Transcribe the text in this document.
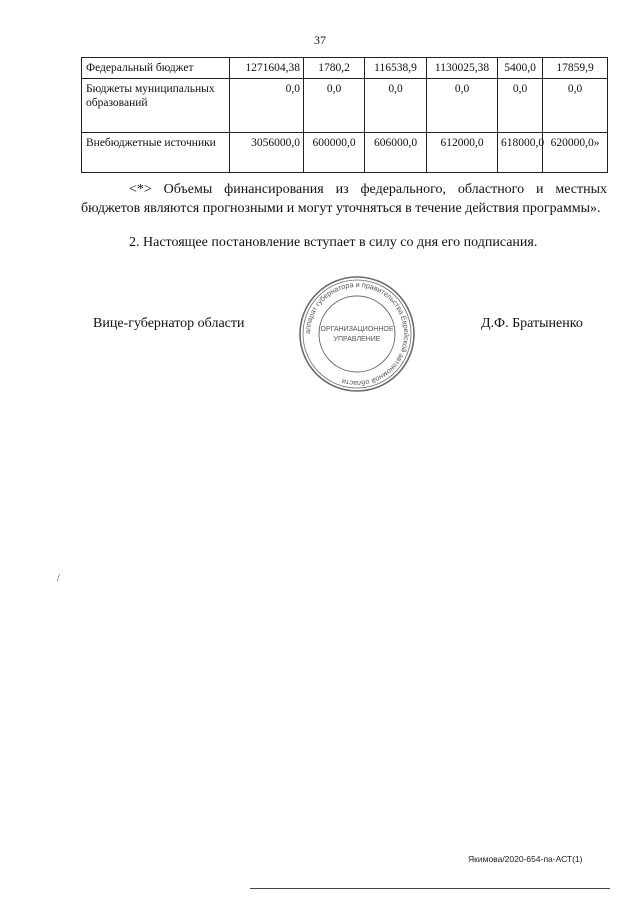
37
Федеральный бюджет	1271604,38	1780,2	116538,9	1130025,38	5400,0	17859,9
Бюджеты муниципальных образований	0,0	0,0	0,0	0,0	0,0	0,0
Внебюджетные источники	3056000,0	600000,0	606000,0	612000,0	618000,0	620000,0»

<*> Объемы финансирования из федерального, областного и местных бюджетов являются прогнозными и могут уточняться в течение действия программы».

2. Настоящее постановление вступает в силу со дня его подписания.

Вице-губернатор области
аппарат губернатора и правительства Еврейской автономной области
ОРГАНИЗАЦИОННОЕ
УПРАВЛЕНИЕ
Д.Ф. Братыненко
/
Якимова/2020-654-па-АСТ(1)
